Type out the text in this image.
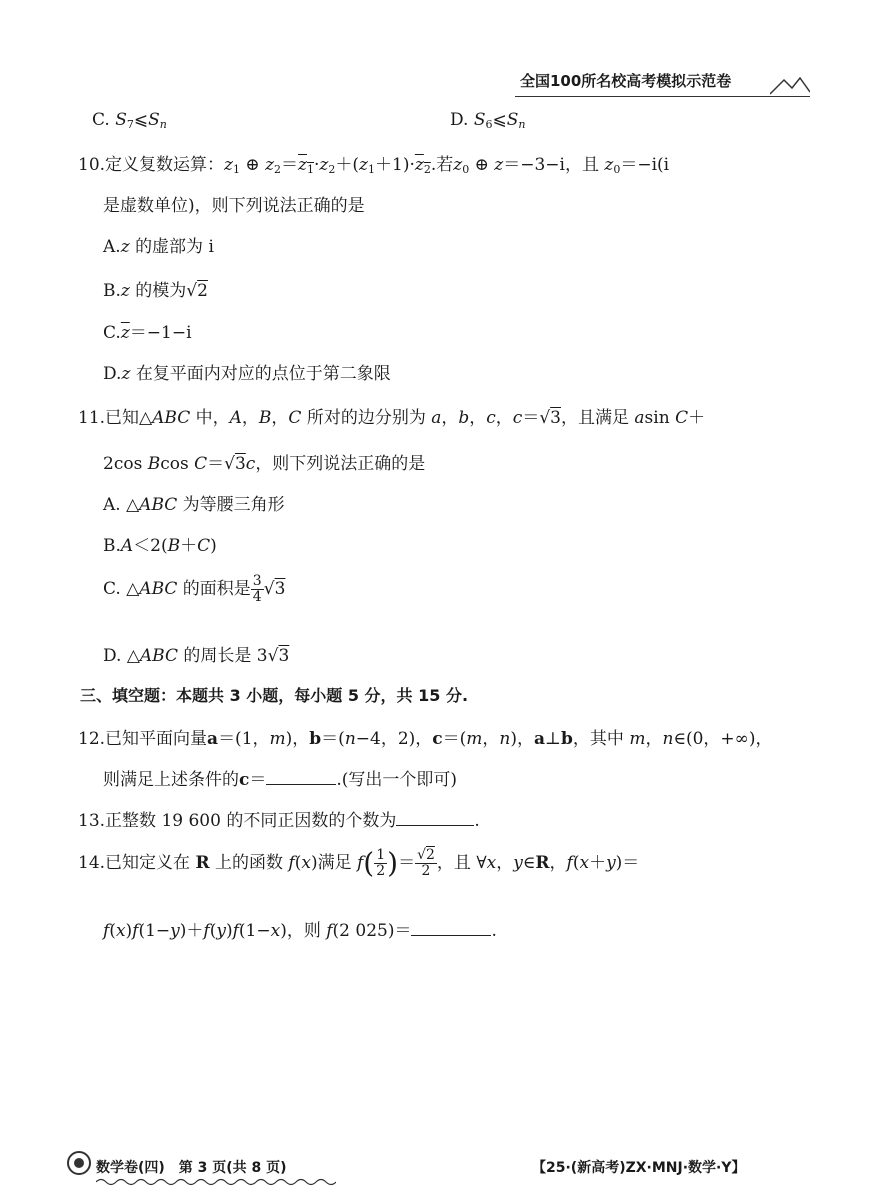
全国100所名校高考模拟示范卷
C. $S_7⩽S_n$	D. $S_6⩽S_n$
10.定义复数运算：$z_1$ ⊕ $z_2=z_1\cdot z_2+(z_1+1)\cdot z_2$.若$z_0$ ⊕ z＝−3−i，且 $z_0=-i(i$
是虚数单位)，则下列说法正确的是
A.z 的虚部为 i
B.z 的模为√2
$C.\overline{z}=-1-i$
D.z 在复平面内对应的点位于第二象限
11.已知△ABC 中，A，B，C 所对的边分别为 a，b，c，c＝√3，且满足 asin C＋
2cos Bcos C＝√3c，则下列说法正确的是
A. △ABC 为等腰三角形
B.A＜2(B＋C)
C. △ABC 的面积是 $\frac{3}{4} √3$
D. △ABC 的周长是 3√3
三、填空题：本题共 3 小题，每小题 5 分，共 15 分.
12.已知平面向量a＝(1，m)，b＝(n−4，2)，c＝(m，n)，a⊥b，其中 m，n∈(0，+∞)，
则满足上述条件的c＝	.(写出一个即可)
13.正整数 19 600 的不同正因数的个数为	.
14.已知定义在 R 上的函数 f(x)满足 $f( \frac{1}{2}$ )＝ $\frac{√2}{2}$ ，且 ∀x，y∈R，f(x＋y)＝
f(x)f(1−y)＋f(y)f(1−x)，则 f(2 025)＝	.
数学卷(四)　第 3 页(共 8 页)	【25·(新高考)ZX·MNJ·数学·Y】
